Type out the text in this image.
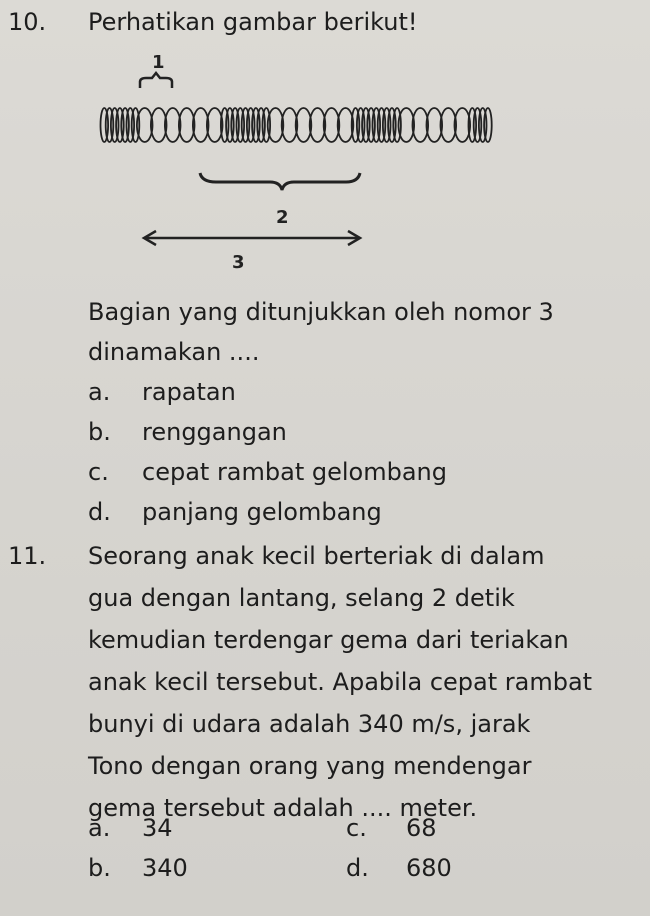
10. Perhatikan gambar berikut!
1
2
3
Bagian yang ditunjukkan oleh nomor 3
dinamakan ....
a. rapatan
b. renggangan
c. cepat rambat gelombang
d. panjang gelombang
11. Seorang anak kecil berteriak di dalam
gua dengan lantang, selang 2 detik
kemudian terdengar gema dari teriakan
anak kecil tersebut. Apabila cepat rambat
bunyi di udara adalah 340 m/s, jarak
Tono dengan orang yang mendengar
gema tersebut adalah .... meter.
a. 34	c. 68
b. 340	d. 680
